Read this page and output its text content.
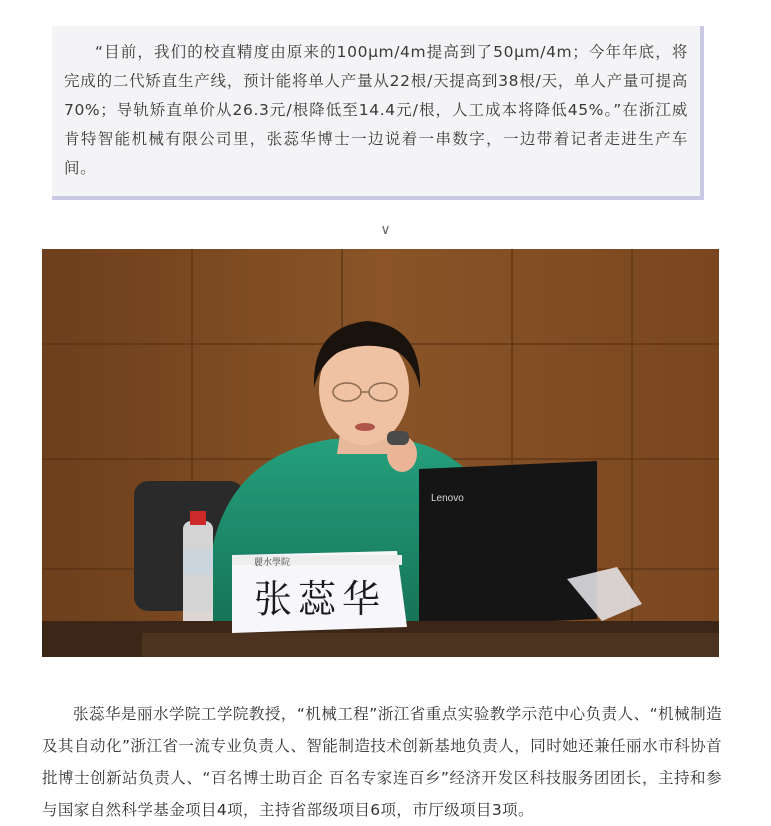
“目前，我们的校直精度由原来的100μm/4m提高到了50μm/4m；今年年底，将完成的二代矫直生产线，预计能将单人产量从22根/天提高到38根/天，单人产量可提高70%；导轨矫直单价从26.3元/根降低至14.4元/根，人工成本将降低45%。”在浙江威肯特智能机械有限公司里，张蕊华博士一边说着一串数字，一边带着记者走进生产车间。

∨
Lenovo
麗水學院
张蕊华

张蕊华是丽水学院工学院教授，“机械工程”浙江省重点实验教学示范中心负责人、“机械制造及其自动化”浙江省一流专业负责人、智能制造技术创新基地负责人，同时她还兼任丽水市科协首批博士创新站负责人、“百名博士助百企 百名专家连百乡”经济开发区科技服务团团长，主持和参与国家自然科学基金项目4项，主持省部级项目6项，市厅级项目3项。
